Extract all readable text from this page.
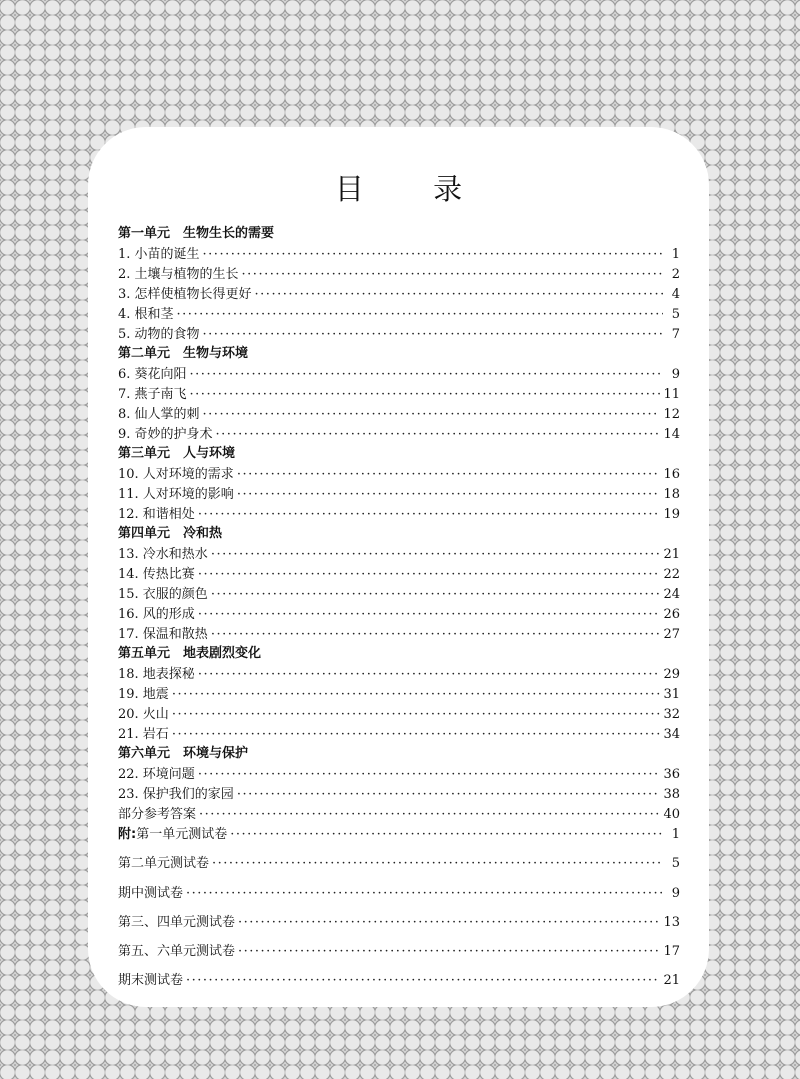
目 录
第一单元　生物生长的需要
1. 小苗的诞生 ·····	1
2. 土壤与植物的生长 ·····	2
3. 怎样使植物长得更好 ·····	4
4. 根和茎 ·····	5
5. 动物的食物 ·····	7
第二单元　生物与环境
6. 葵花向阳 ·····	9
7. 燕子南飞 ·····	11
8. 仙人掌的刺 ·····	12
9. 奇妙的护身术 ·····	14
第三单元　人与环境
10. 人对环境的需求 ·····	16
11. 人对环境的影响 ·····	18
12. 和谐相处 ·····	19
第四单元　冷和热
13. 冷水和热水 ·····	21
14. 传热比赛 ·····	22
15. 衣服的颜色 ·····	24
16. 风的形成 ·····	26
17. 保温和散热 ·····	27
第五单元　地表剧烈变化
18. 地表探秘 ·····	29
19. 地震 ·····	31
20. 火山 ·····	32
21. 岩石 ·····	34
第六单元　环境与保护
22. 环境问题 ·····	36
23. 保护我们的家园 ·····	38
部分参考答案 ·····	40
附: 第一单元测试卷 ·····	1
第二单元测试卷 ·····	5
期中测试卷 ·····	9
第三、四单元测试卷 ·····	13
第五、六单元测试卷 ·····	17
期末测试卷 ·····	21
